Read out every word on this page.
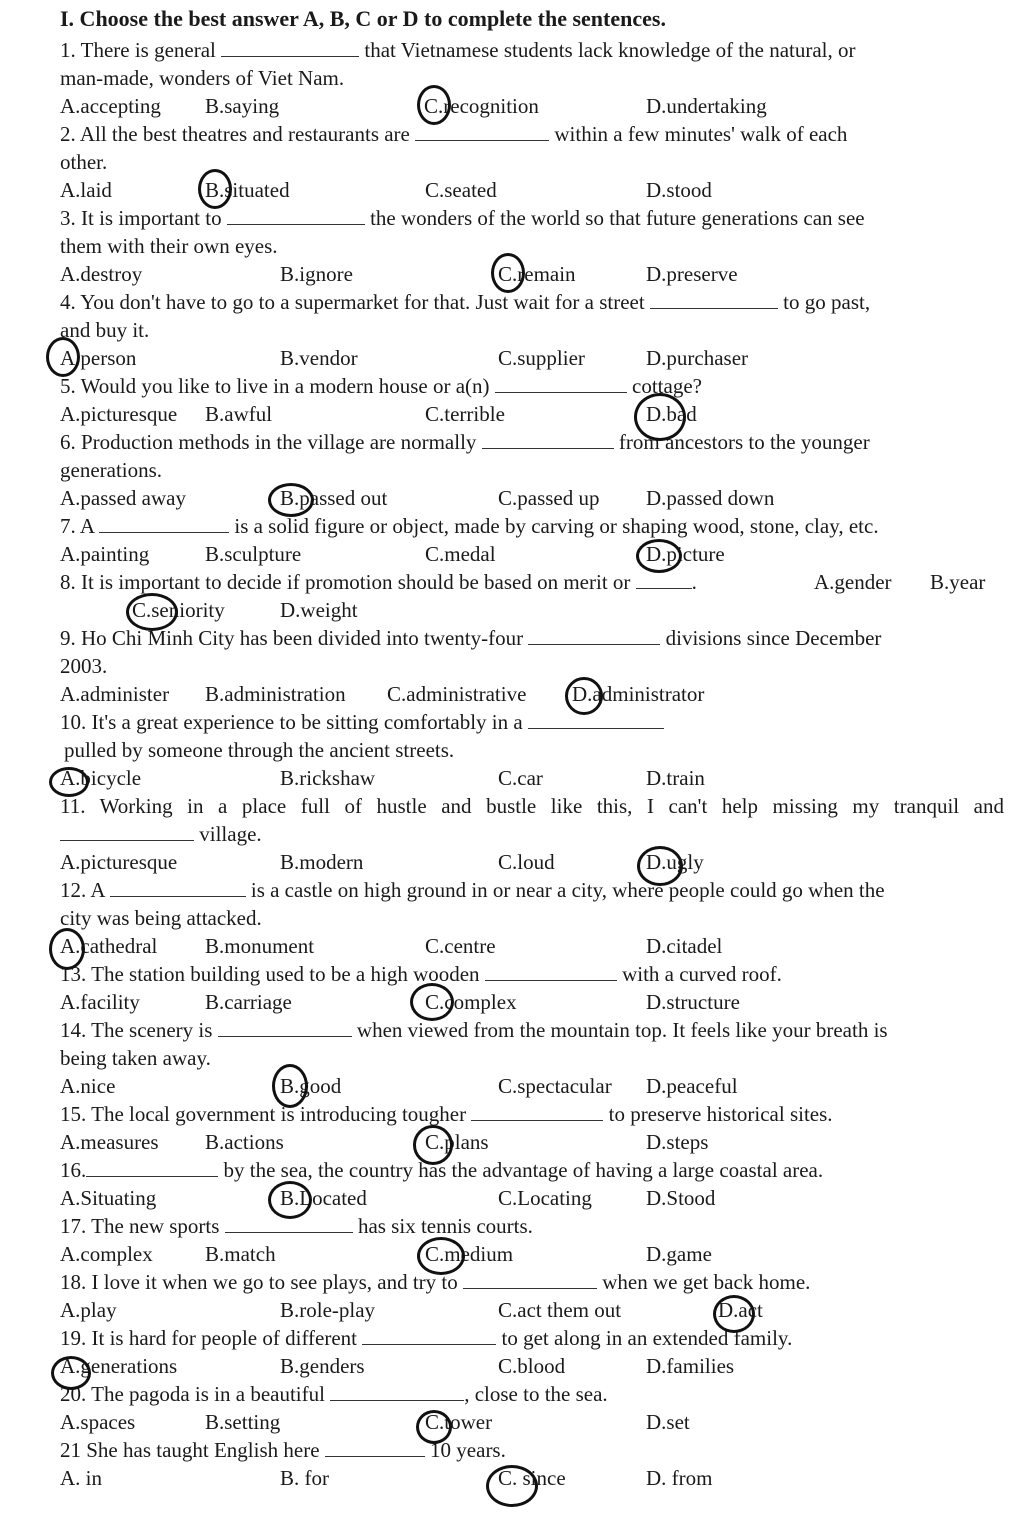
I. Choose the best answer A, B, C or D to complete the sentences.
1. There is general	that Vietnamese students lack knowledge of the natural, or
man-made, wonders of Viet Nam.
A.accepting B.saying	C.recognition	D.undertaking
2. All the best theatres and restaurants are	within a few minutes' walk of each
other.
A.laid	B.situated	C.seated	D.stood
3. It is important to	the wonders of the world so that future generations can see
them with their own eyes.
A.destroy	B.ignore	C.remain	D.preserve
4. You don't have to go to a supermarket for that. Just wait for a street	to go past,
and buy it.
A.person	B.vendor	C.supplier	D.purchaser
5. Would you like to live in a modern house or a(n)	cottage?
A.picturesque B.awful	C.terrible	D.bad
6. Production methods in the village are normally	from ancestors to the younger
generations.
A.passed away	B.passed out	C.passed up D.passed down
7. A	is a solid figure or object, made by carving or shaping wood, stone, clay, etc.
A.painting	B.sculpture	C.medal	D.picture
8. It is important to decide if promotion should be based on merit or	.	A.gender B.year
C.seniority	D.weight
9. Ho Chi Minh City has been divided into twenty-four	divisions since December
2003.
A.administer B.administration C.administrative D.administrator
10. It's a great experience to be sitting comfortably in a
pulled by someone through the ancient streets.
A.bicycle	B.rickshaw	C.car	D.train
11. Working in a place full of hustle and bustle like this, I can't help missing my tranquil and
village.
A.picturesque	B.modern	C.loud	D.ugly
12. A	is a castle on high ground in or near a city, where people could go when the
city was being attacked.
A.cathedral B.monument	C.centre	D.citadel
13. The station building used to be a high wooden	with a curved roof.
A.facility	B.carriage	C.complex	D.structure
14. The scenery is	when viewed from the mountain top. It feels like your breath is
being taken away.
A.nice	B.good	C.spectacular D.peaceful
15. The local government is introducing tougher	to preserve historical sites.
A.measures B.actions	C.plans	D.steps
16.	by the sea, the country has the advantage of having a large coastal area.
A.Situating	B.Located	C.Locating	D.Stood
17. The new sports	has six tennis courts.
A.complex B.match	C.medium	D.game
18. I love it when we go to see plays, and try to	when we get back home.
A.play	B.role-play	C.act them out	D.act
19. It is hard for people of different	to get along in an extended family.
A.generations	B.genders	C.blood	D.families
20. The pagoda is in a beautiful	, close to the sea.
A.spaces	B.setting	C.tower	D.set
21 She has taught English here	10 years.
A. in	B. for	C. since	D. from
